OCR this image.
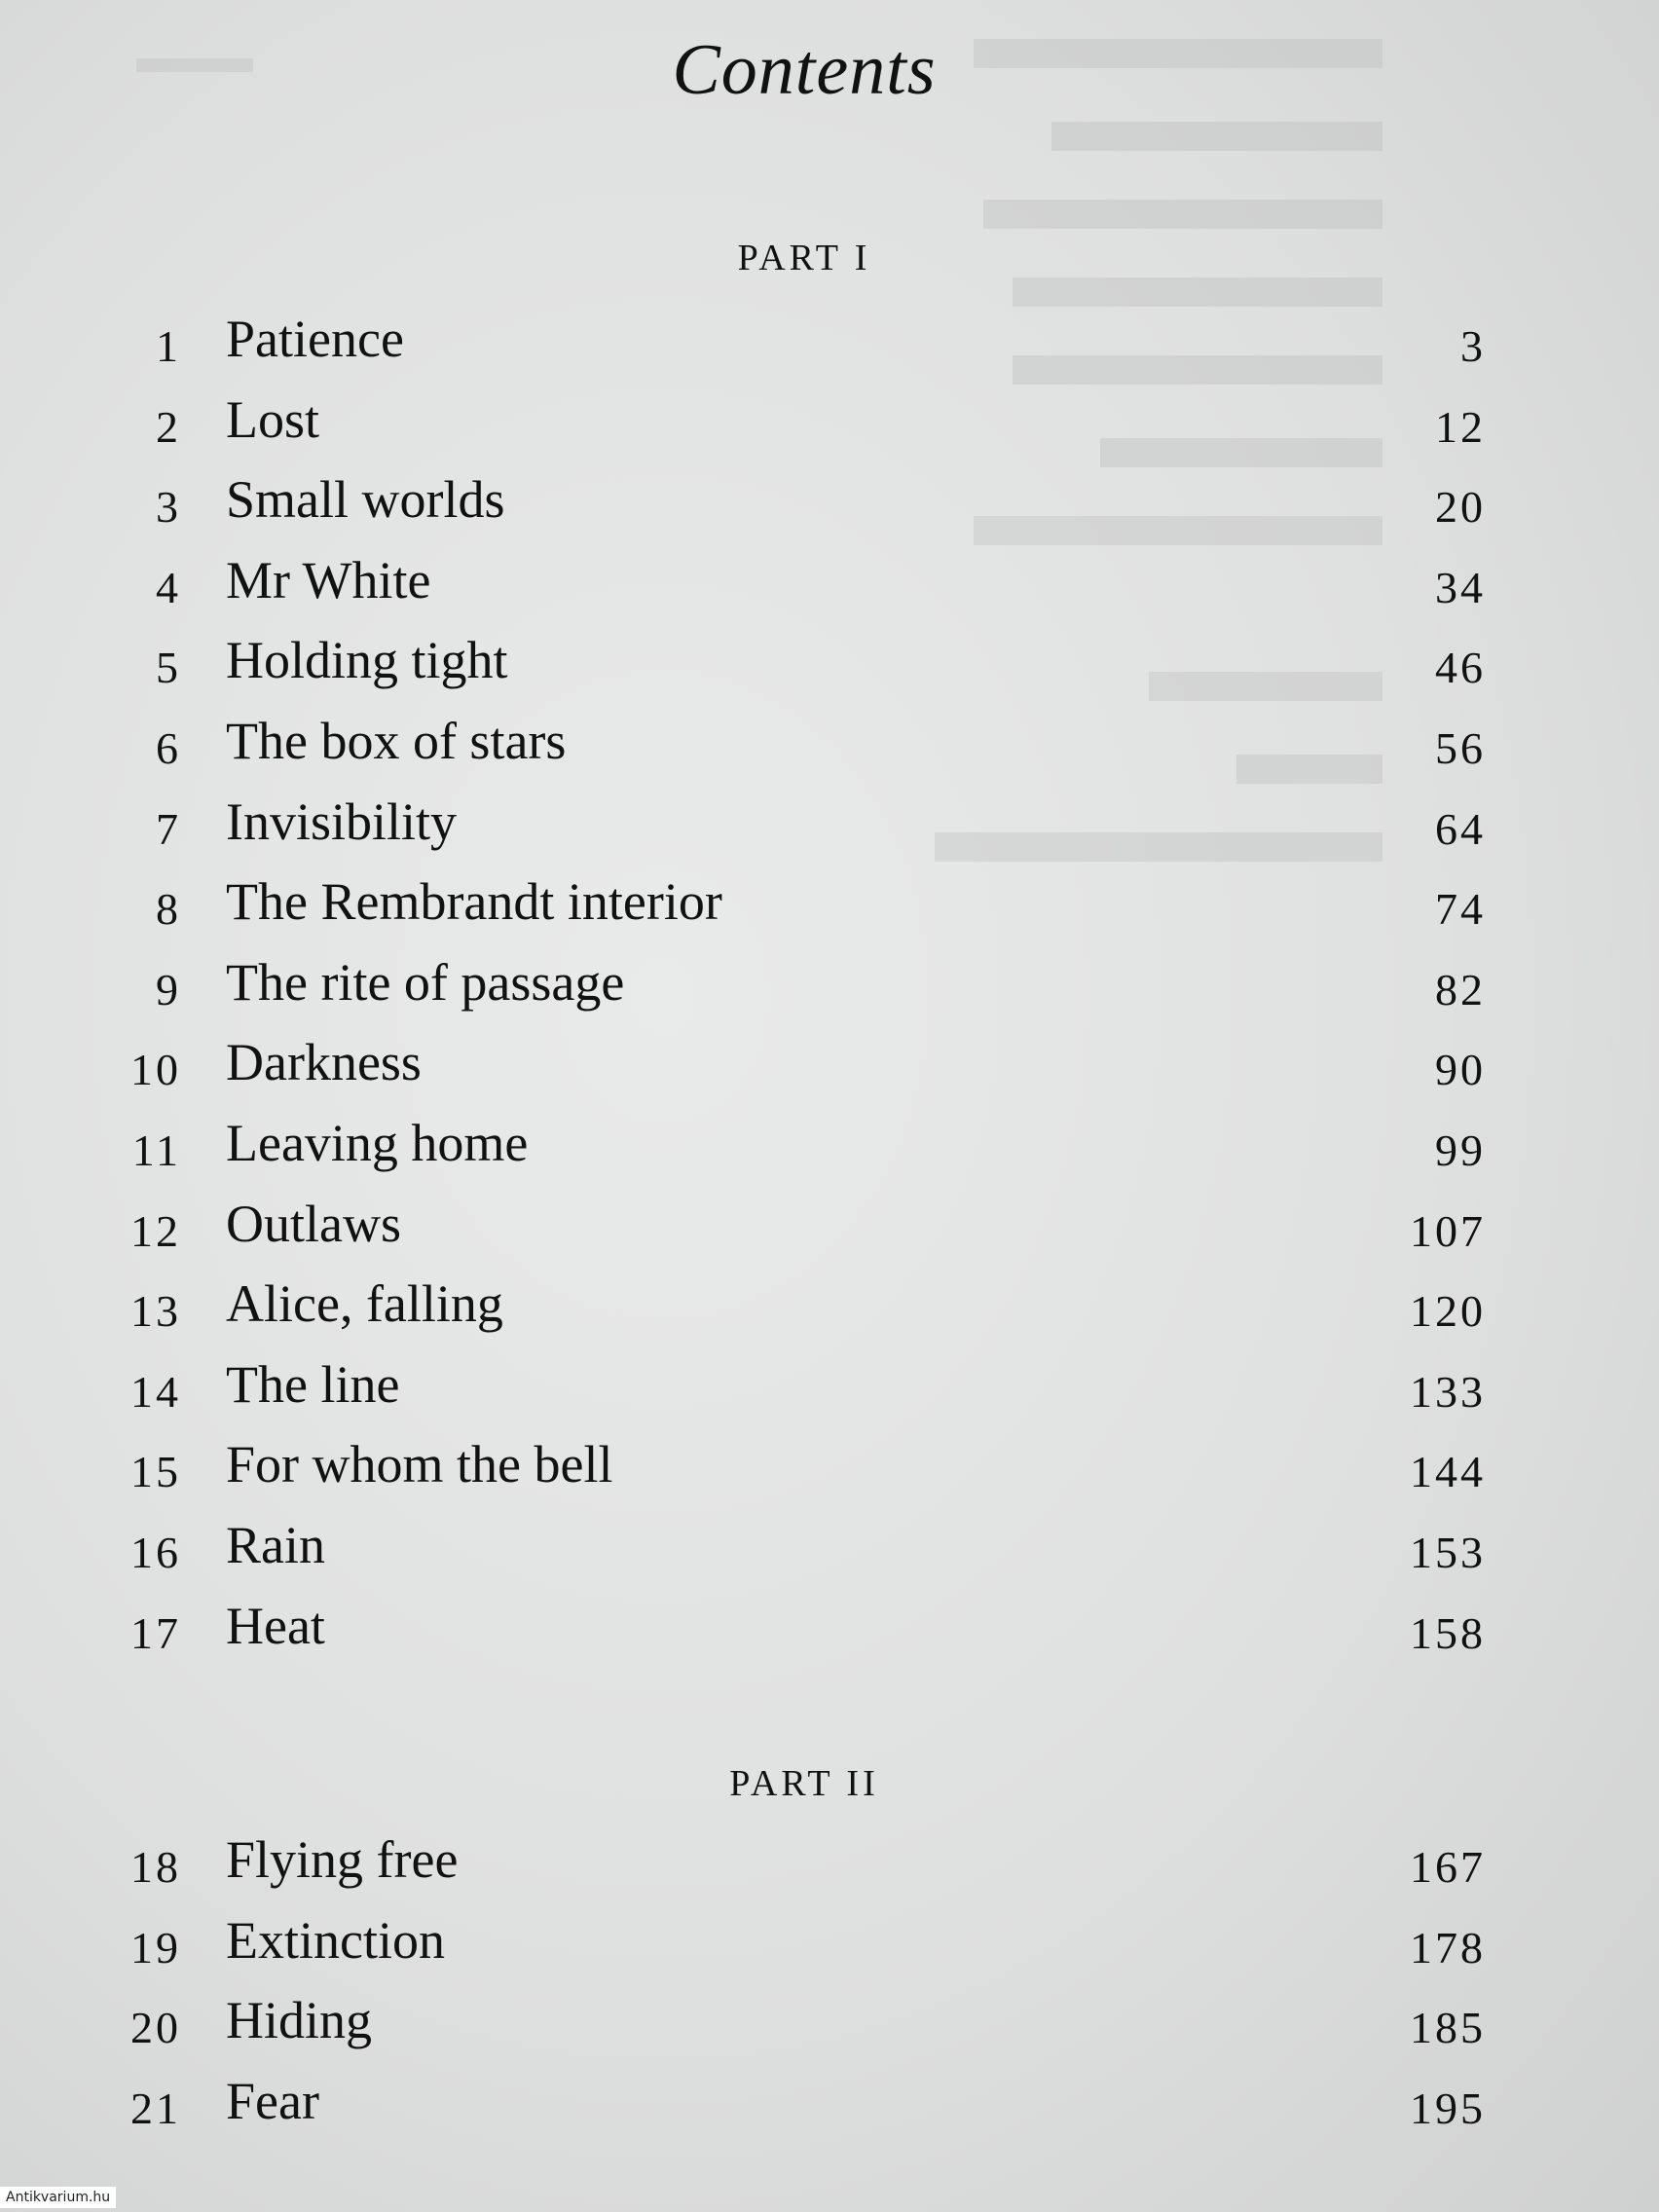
Contents
PART I
1 Patience	3
2 Lost	12
3 Small worlds	20
4 Mr White	34
5 Holding tight	46
6 The box of stars	56
7 Invisibility	64
8 The Rembrandt interior	74
9 The rite of passage	82
10 Darkness	90
11 Leaving home	99
12 Outlaws	107
13 Alice, falling	120
14 The line	133
15 For whom the bell	144
16 Rain	153
17 Heat	158
PART II
18 Flying free	167
19 Extinction	178
20 Hiding	185
21 Fear	195
Antikvarium.hu
